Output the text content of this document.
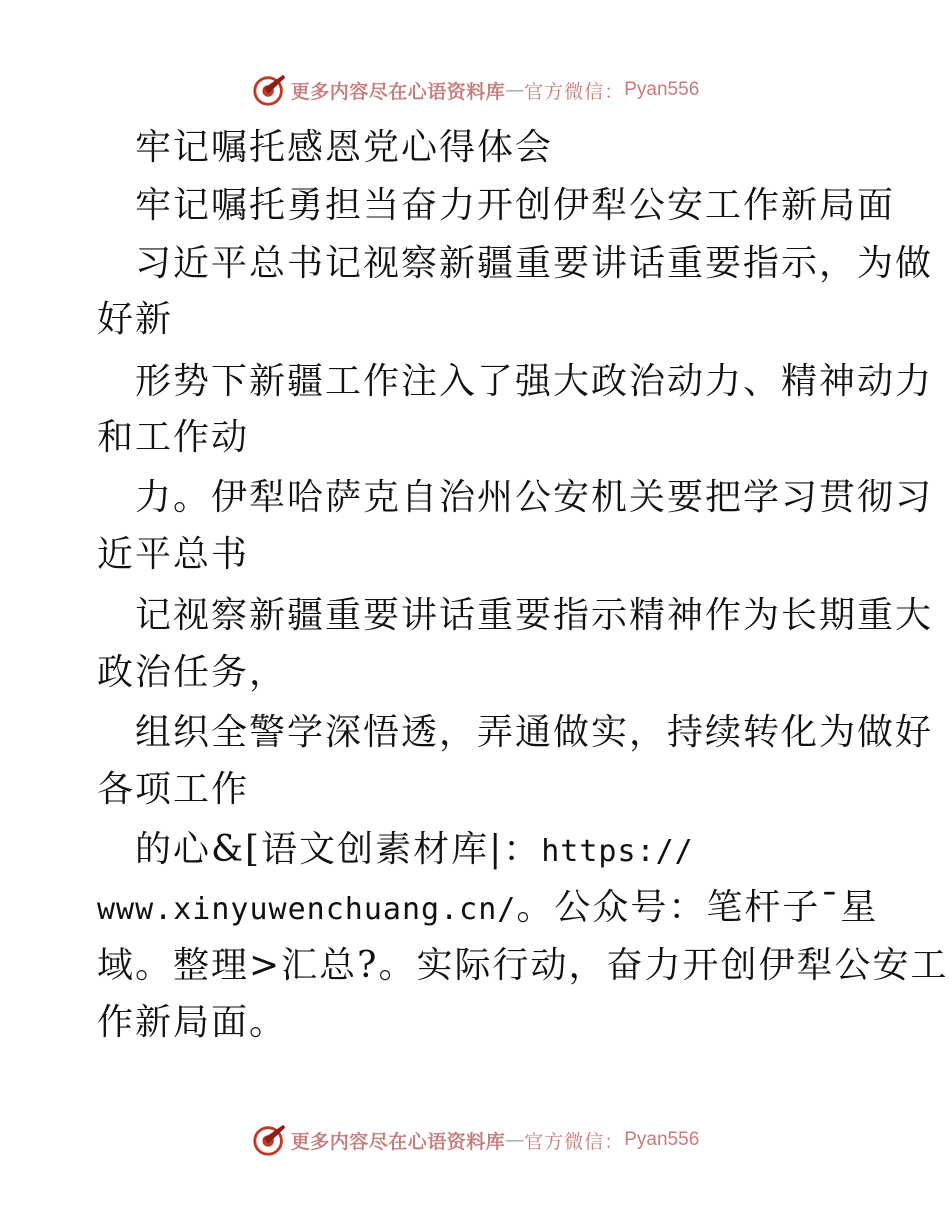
更多内容尽在心语资料库 — 官方微信： Pyan556
牢记嘱托感恩党心得体会
牢记嘱托勇担当奋力开创伊犁公安工作新局面
习近平总书记视察新疆重要讲话重要指示，为做
好新
形势下新疆工作注入了强大政治动力、精神动力
和工作动
力。伊犁哈萨克自治州公安机关要把学习贯彻习
近平总书
记视察新疆重要讲话重要指示精神作为长期重大
政治任务，
组织全警学深悟透，弄通做实，持续转化为做好
各项工作
的心&[语文创素材库|：https://
www.xinyuwenchuang.cn/。公众号：笔杆子¯星
域。整理>汇总?。实际行动，奋力开创伊犁公安工
作新局面。
更多内容尽在心语资料库 — 官方微信： Pyan556
